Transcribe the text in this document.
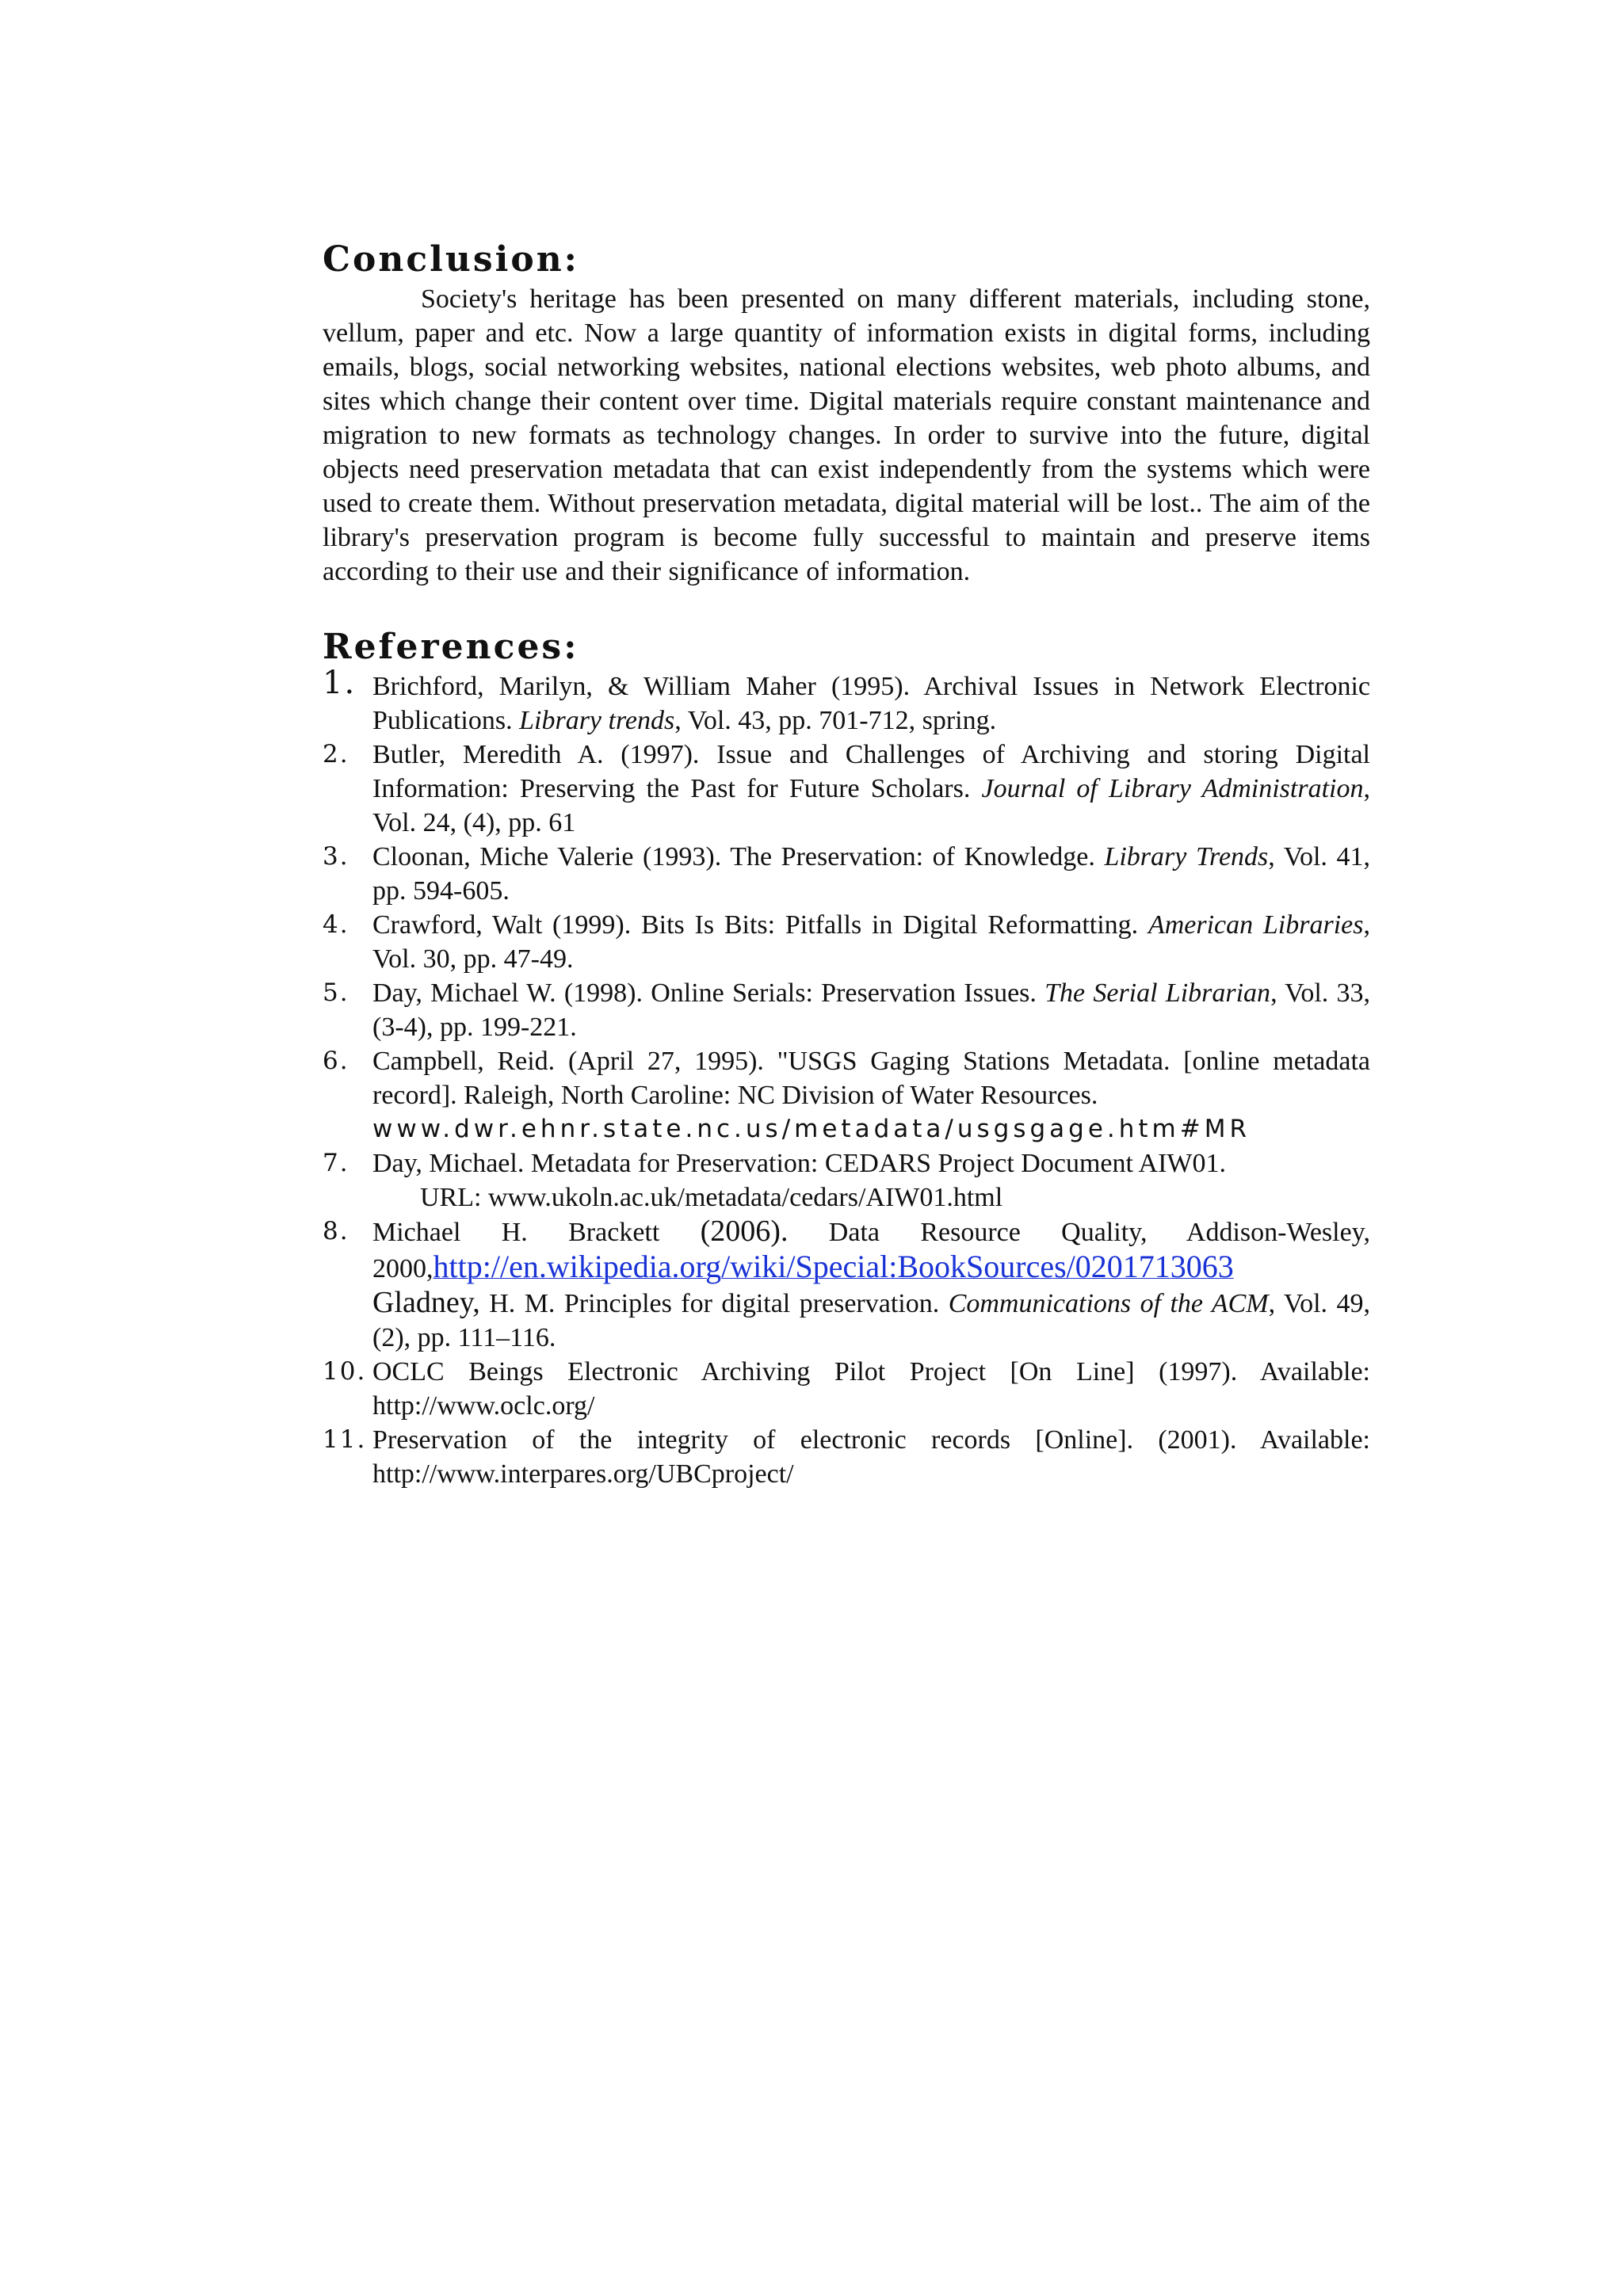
Conclusion:

Society's heritage has been presented on many different materials, including stone, vellum, paper and etc. Now a large quantity of information exists in digital forms, including emails, blogs, social networking websites, national elections websites, web photo albums, and sites which change their content over time. Digital materials require constant maintenance and migration to new formats as technology changes. In order to survive into the future, digital objects need preservation metadata that can exist independently from the systems which were used to create them. Without preservation metadata, digital material will be lost.. The aim of the library's preservation program is become fully successful to maintain and preserve items according to their use and their significance of information.

References:
1. Brichford, Marilyn, & William Maher (1995). Archival Issues in Network Electronic Publications. Library trends, Vol. 43, pp. 701-712, spring.
2. Butler, Meredith A. (1997). Issue and Challenges of Archiving and storing Digital Information: Preserving the Past for Future Scholars. Journal of Library Administration, Vol. 24, (4), pp. 61
3. Cloonan, Miche Valerie (1993). The Preservation: of Knowledge. Library Trends, Vol. 41, pp. 594-605.
4. Crawford, Walt (1999). Bits Is Bits: Pitfalls in Digital Reformatting. American Libraries, Vol. 30, pp. 47-49.
5. Day, Michael W. (1998). Online Serials: Preservation Issues. The Serial Librarian, Vol. 33, (3-4), pp. 199-221.
6. Campbell, Reid. (April 27, 1995). "USGS Gaging Stations Metadata. [online metadata record]. Raleigh, North Caroline: NC Division of Water Resources.
www.dwr.ehnr.state.nc.us/metadata/usgsgage.htm#MR
7. Day, Michael. Metadata for Preservation: CEDARS Project Document AIW01.
URL: www.ukoln.ac.uk/metadata/cedars/AIW01.html
8. Michael H. Brackett (2006). Data Resource Quality, Addison-Wesley, 2000,http://en.wikipedia.org/wiki/Special:BookSources/0201713063
Gladney, H. M. Principles for digital preservation. Communications of the ACM, Vol. 49, (2), pp. 111–116.
10. OCLC Beings Electronic Archiving Pilot Project [On Line] (1997). Available: http://www.oclc.org/
11. Preservation of the integrity of electronic records [Online]. (2001). Available: http://www.interpares.org/UBCproject/
